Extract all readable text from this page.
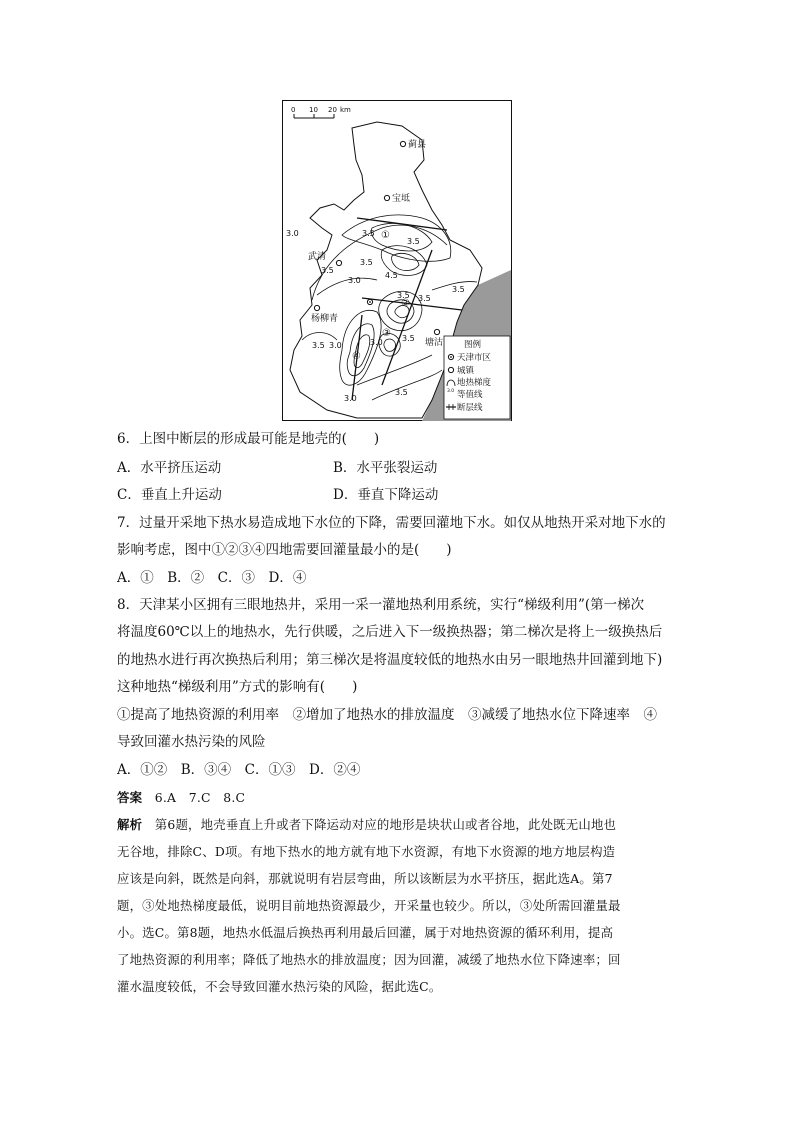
0 10 20 km
蓟县
宝坻
武清
杨柳青
塘沽
3.0	3.5
3.5
3.5
3.5
4.5
3.0
3.5
3.5 3.5
3.5 3.0	3.0 3.5
3.0
3.5
①
②
③
④
图例
天津市区
城镇
3.0
地热梯度
等值线
断层线
6．上图中断层的形成最可能是地壳的(　　)
A．水平挤压运动	B．水平张裂运动
C．垂直上升运动	D．垂直下降运动
7．过量开采地下热水易造成地下水位的下降，需要回灌地下水。如仅从地热开采对地下水的
影响考虑，图中①②③④四地需要回灌量最小的是(　　)
A．①　B．②　C．③　D．④
8．天津某小区拥有三眼地热井，采用一采一灌地热利用系统，实行“梯级利用”(第一梯次
将温度60℃以上的地热水，先行供暖，之后进入下一级换热器；第二梯次是将上一级换热后
的地热水进行再次换热后利用；第三梯次是将温度较低的地热水由另一眼地热井回灌到地下)
这种地热“梯级利用”方式的影响有(　　)
①提高了地热资源的利用率　②增加了地热水的排放温度　③减缓了地热水位下降速率　④
导致回灌水热污染的风险
A．①②　B．③④　C．①③　D．②④
答案　 6.A　7.C　8.C
解析　 第6题，地壳垂直上升或者下降运动对应的地形是块状山或者谷地，此处既无山地也
无谷地，排除C、D项。有地下热水的地方就有地下水资源，有地下水资源的地方地层构造
应该是向斜，既然是向斜，那就说明有岩层弯曲，所以该断层为水平挤压，据此选A。第7
题，③处地热梯度最低，说明目前地热资源最少，开采量也较少。所以，③处所需回灌量最
小。选C。第8题，地热水低温后换热再利用最后回灌，属于对地热资源的循环利用，提高
了地热资源的利用率；降低了地热水的排放温度；因为回灌，减缓了地热水位下降速率；回
灌水温度较低，不会导致回灌水热污染的风险，据此选C。
